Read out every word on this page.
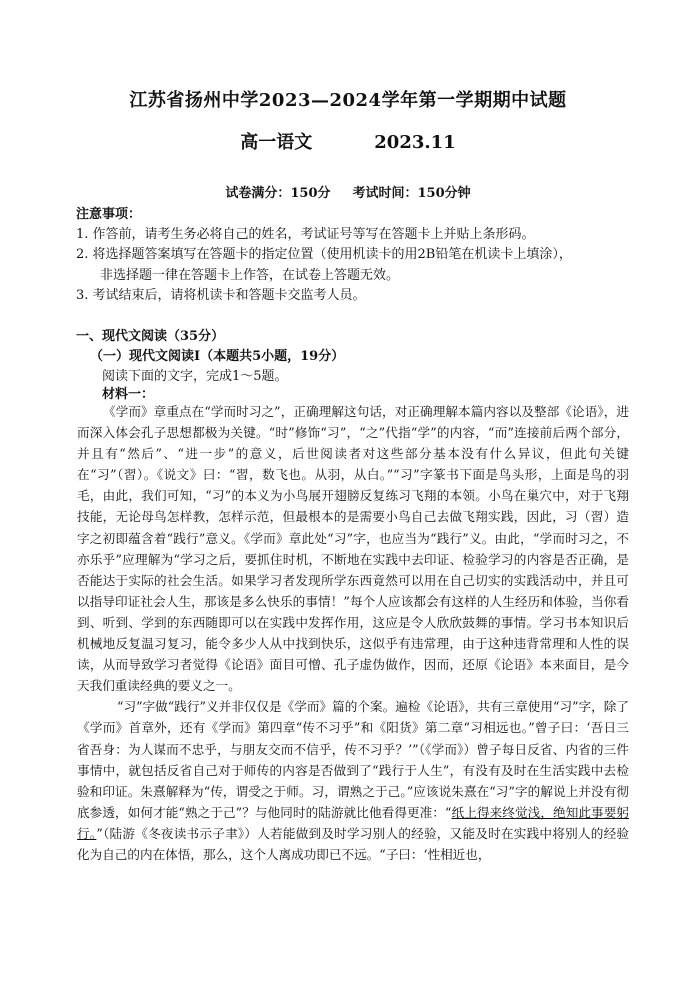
江苏省扬州中学2023—2024学年第一学期期中试题
高一语文	2023.11
试卷满分：150分 考试时间：150分钟
注意事项：
1. 作答前，请考生务必将自己的姓名，考试证号等写在答题卡上并贴上条形码。
2. 将选择题答案填写在答题卡的指定位置（使用机读卡的用2B铅笔在机读卡上填涂），
非选择题一律在答题卡上作答，在试卷上答题无效。
3. 考试结束后，请将机读卡和答题卡交监考人员。
一、现代文阅读（35分）
（一）现代文阅读Ⅰ（本题共5小题，19分）
阅读下面的文字，完成1～5题。
材料一：

《学而》章重点在“学而时习之”，正确理解这句话，对正确理解本篇内容以及整部《论语》，进而深入体会孔子思想都极为关键。“时”修饰“习”，“之”代指“学”的内容，“而”连接前后两个部分，并且有“然后”、“进一步”的意义，后世阅读者对这些部分基本没有什么异议，但此句关键在“习”（習）。《说文》曰：“習，数飞也。从羽，从白。”“习”字篆书下面是鸟头形，上面是鸟的羽毛，由此，我们可知，“习”的本义为小鸟展开翅膀反复练习飞翔的本领。小鸟在巢穴中，对于飞翔技能，无论母鸟怎样教，怎样示范，但最根本的是需要小鸟自己去做飞翔实践，因此，习（習）造字之初即蕴含着“践行”意义。《学而》章此处“习”字，也应当为“践行”义。由此，“学而时习之，不亦乐乎”应理解为“学习之后，要抓住时机，不断地在实践中去印证、检验学习的内容是否正确，是否能达于实际的社会生活。如果学习者发现所学东西竟然可以用在自己切实的实践活动中，并且可以指导印证社会人生，那该是多么快乐的事情！”每个人应该都会有这样的人生经历和体验，当你看到、听到、学到的东西随即可以在实践中发挥作用，这应是令人欣欣鼓舞的事情。学习书本知识后机械地反复温习复习，能令多少人从中找到快乐，这似乎有违常理，由于这种违背常理和人性的误读，从而导致学习者觉得《论语》面目可憎、孔子虚伪做作，因而，还原《论语》本来面目，是今天我们重读经典的要义之一。

“习”字做“践行”义并非仅仅是《学而》篇的个案。遍检《论语》，共有三章使用“习”字，除了《学而》首章外，还有《学而》第四章“传不习乎”和《阳货》第二章“习相远也。”曾子曰：‘吾日三省吾身：为人谋而不忠乎，与朋友交而不信乎，传不习乎？’”（《学而》）曾子每日反省、内省的三件事情中，就包括反省自己对于师传的内容是否做到了“践行于人生”，有没有及时在生活实践中去检验和印证。朱熹解释为“传，谓受之于师。习，谓熟之于己。”应该说朱熹在“习”字的解说上并没有彻底参透，如何才能“熟之于己”？与他同时的陆游就比他看得更准：“纸上得来终觉浅，绝知此事要躬行。”（陆游《冬夜读书示子聿》）人若能做到及时学习别人的经验，又能及时在实践中将别人的经验化为自己的内在体悟，那么，这个人离成功即已不远。“子曰：‘性相近也，
